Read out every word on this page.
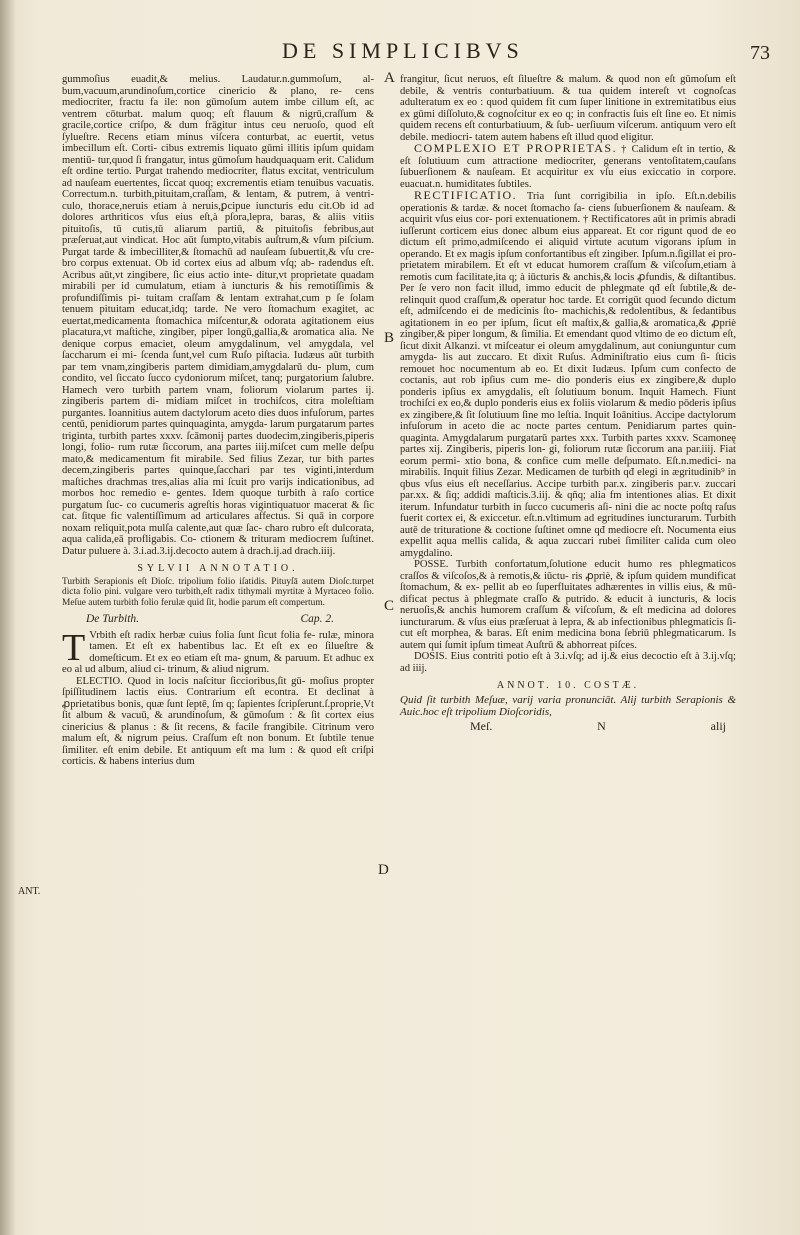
DE SIMPLICIBVS	73
A
B
C
D
ANT.

gummoſius euadit,& melius. Laudatur.n.gummoſum, al‑ bum,vacuum,arundinoſum,cortice cinericio & plano, re‑ cens mediocriter, fractu fa ile: non gūmoſum autem imbe cillum eſt, ac ventrem cōturbat. malum quoq; eſt flauum & nigrū,craſſum & gracile,cortice criſpo, & dum frāgitur intus ceu neruoſo, quod eſt ſylueſtre. Recens etiam minus viſcera conturbat, ac euertit, vetus imbecillum eſt. Corti‑ cibus extremis liquato gūmi illitis ipſum quidam mentiū‑ tur,quod ſi frangatur, intus gūmoſum haudquaquam erit. Calidum eſt ordine tertio. Purgat trahendo mediocriter, flatus excitat, ventriculum ad nauſeam euertentes, ſiccat quoq; excrementis etiam tenuibus vacuatis. Correctum.n. turbith,pituitam,craſſam, & lentam, & putrem, à ventri‑ culo, thorace,neruis etiam à neruis,ꝑcipue iuncturis edu cit.Ob id ad dolores arthriticos vſus eius eſt,à pſora,lepra, baras, & aliis vitiis pituitoſis, tū cutis,tū aliarum partiū, & pituitoſis febribus,aut præſeruat,aut vindicat. Hoc aūt ſumpto,vitabis auſtrum,& vſum piſcium. Purgat tarde & imbecilliter,& ſtomachū ad nauſeam ſubuertit,& vſu cre‑ bro corpus extenuat. Ob id cortex eius ad album vſq; ab‑ radendus eſt. Acribus aūt,vt zingibere, ſic eius actio inte‑ ditur,vt proprietate quadam mirabili per id cumulatum, etiam à iuncturis & his remotiſſimis & profundiſſimis pi‑ tuitam craſſam & lentam extrahat,cum p ſe ſolam tenuem pituitam educat,idq; tarde. Ne vero ſtomachum exagitet, ac euertat,medicamenta ſtomachica miſcentur,& odorata agitationem eius placatura,vt maſtiche, zingiber, piper longū,gallia,& aromatica alia. Ne denique corpus emaciet, oleum amygdalinum, vel amygdala, vel ſaccharum ei mi‑ ſcenda ſunt,vel cum Ruſo piſtacia. Iudæus aūt turbith par tem vnam,zingiberis partem dimidiam,amygdalarū du‑ plum, cum condito, vel ſiccato ſucco cydoniorum miſcet, tanq; purgatorium ſalubre. Hamech vero turbith partem vnam, foliorum violarum partes ij. zingiberis partem di‑ midiam miſcet in trochiſcos, citra moleſtiam purgantes. Ioannitius autem dactylorum aceto dies duos infuſorum, partes centū, penidiorum partes quinquaginta, amygda‑ larum purgatarum partes triginta, turbith partes xxxv. ſcāmonij partes duodecim,zingiberis,piperis longi, folio‑ rum rutæ ſiccorum, ana partes iiij.miſcet cum melle deſpu mato,& medicamentum fit mirabile. Sed filius Zezar, tur bith partes decem,zingiberis partes quinque,ſacchari par tes viginti,interdum maſtiches drachmas tres,alias alia mi ſcuit pro varijs indicationibus, ad morbos hoc remedio e‑ gentes. Idem quoque turbith à raſo cortice purgatum ſuc‑ co cucumeris agreſtis horas vigintiquatuor macerat & ſic cat. ſitque fic valentiſſimum ad articulares affectus. Si quā in corpore noxam reliquit,pota mulſa calente,aut quæ ſac‑ charo rubro eſt dulcorata, aqua calida,eā profligabis. Co‑ ctionem & trituram mediocrem ſuſtinet. Datur puluere à. 3.i.ad.3.ij.decocto autem à drach.ij.ad drach.iiij.

SYLVII ANNOTATIO.

Turbith Serapionis eſt Dioſc. tripolium folio iſatidis. Pituyſā autem Dioſc.turpet dicta folio pini. vulgare vero turbith,eſt radix tithymali myrtitæ à Myrtaceo folio. Meſue autem turbith folio ferulæ quid ſit, hodie parum eſt compertum.

De Turbith.	Cap. 2.

T Vrbith eſt radix herbæ cuius folia ſunt ſicut folia fe‑ rulæ, minora tamen. Et eſt ex habentibus lac. Et eſt ex eo ſilueſtre & domeſticum. Et ex eo etiam eſt ma‑ gnum, & paruum. Et adhuc ex eo al ud album, aliud ci‑ trinum, & aliud nigrum.

ELECTIO. Quod in locis naſcitur ſiccioribus,ſit gū‑ moſius propter ſpiſſitudinem lactis eius. Contrarium eſt econtra. Et declinat à ꝓprietatibus bonis, quæ ſunt ſeptē, ſm q; ſapientes ſcripſerunt.ſ.proprie,Vt ſit album & vacuū, & arundinoſum, & gūmoſum : & ſit cortex eius cinericius & planus : & ſit recens, & facile frangibile. Citrinum vero malum eſt, & nigrum peius. Craſſum eſt non bonum. Et ſubtile tenue ſimiliter. eſt enim debile. Et antiquum eſt ma lum : & quod eſt criſpi corticis. & habens interius dum

frangitur, ſicut neruos, eſt ſilueſtre & malum. & quod non eſt gūmoſum eſt debile, & ventris conturbatiuum. & tua quidem intereſt vt cognoſcas adulteratum ex eo : quod quidem fit cum ſuper linitione in extremitatibus eius ex gūmi diſſoluto,& cognoſcitur ex eo q; in confractis ſuis eſt ſine eo. Et nimis quidem recens eſt conturbatiuum, & ſub‑ uerſiuum viſcerum. antiquum vero eſt debile. mediocri‑ tatem autem habens eſt illud quod eligitur.

COMPLEXIO ET PROPRIETAS. † Calidum eſt in tertio, & eſt ſolutiuum cum attractione mediocriter, generans ventoſitatem,cauſans ſubuerſionem & nauſeam. Et acquiritur ex vſu eius exiccatio in corpore. euacuat.n. humiditates ſubtiles.

RECTIFICATIO. Tria ſunt corrigibilia in ipſo. Eſt.n.debilis operationis & tardæ. & nocet ſtomacho ſa‑ ciens ſubuerſionem & nauſeam. & acquirit vſus eius cor‑ pori extenuationem. † Rectificatores aūt in primis abradi iuſſerunt corticem eius donec album eius appareat. Et cor rigunt quod de eo dictum eſt primo,admiſcendo ei aliquid virtute acutum vigorans ipſum in operando. Et ex magis ipſum confortantibus eſt zingiber. Ipſum.n.ſigillat ei pro‑ prietatem mirabilem. Et eſt vt educat humorem craſſum & viſcoſum,etiam à remotis cum facilitate,ita q; à iūcturis & anchis,& locis ꝓfundis, & diſtantibus. Per ſe vero non facit illud, immo educit de phlegmate qđ eſt ſubtile,& de‑ relinquit quod craſſum,& operatur hoc tarde. Et corrigūt quod ſecundo dictum eſt, admiſcendo ei de medicinis ſto‑ machichis,& redolentibus, & ſedantibus agitationem in eo per ipſum, ſicut eſt maſtix,& gallia,& aromatica,& ꝓpriè zingiber,& piper longum, & ſimilia. Et emendant quod vltimo de eo dictum eſt, ſicut dixit Alkanzi. vt miſceatur ei oleum amygdalinum, aut coniunguntur cum amygda‑ lis aut zuccaro. Et dixit Ruſus. Adminiſtratio eius cum ſi‑ ſticis remouet hoc nocumentum ab eo. Et dixit Iudæus. Ipſum cum confecto de coctanis, aut rob ipſius cum me‑ dio ponderis eius ex zingibere,& duplo ponderis ipſius ex amygdalis, eſt ſolutiuum bonum. Inquit Hamech. Fiunt trochiſci ex eo,& duplo ponderis eius ex foliis violarum & medio pōderis ipſius ex zingibere,& ſit ſolutiuum ſine mo leſtia. Inquit Ioānitius. Accipe dactylorum infuſorum in aceto die ac nocte partes centum. Penidiarum partes quin‑ quaginta. Amygdalarum purgatarū partes xxx. Turbith partes xxxv. Scamoneę partes xij. Zingiberis, piperis lon‑ gi, foliorum rutæ ſiccorum ana par.iiij. Fiat eorum permi‑ xtio bona, & confice cum melle deſpumato. Eſt.n.medici‑ na mirabilis. Inquit filius Zezar. Medicamen de turbith qđ elegi in ægritudinib⁹ in qbus vſus eius eſt neceſſarius. Accipe turbith par.x. zingiberis par.v. zuccari par.xx. & ſiq; addidi maſticis.3.iij. & qñq; alia fm intentiones alias. Et dixit iterum. Infundatur turbith in ſucco cucumeris aſi‑ nini die ac nocte poſtq raſus fuerit cortex ei, & exiccetur. eſt.n.vltimum ad egritudines iuncturarum. Turbith autē de trituratione & coctione ſuſtinet omne qđ mediocre eſt. Nocumenta eius expellit aqua mellis calida, & aqua zuccari rubei ſimiliter calida cum oleo amygdalino.

POSSE. Turbith confortatum,ſolutione educit humo res phlegmaticos craſſos & viſcoſos,& à remotis,& iūctu‑ ris ꝓpriè, & ipſum quidem mundificat ſtomachum, & ex‑ pellit ab eo ſuperfluitates adhærentes in villis eius, & mū‑ dificat pectus à phlegmate craſſo & putrido. & educit à iuncturis, & locis neruoſis,& anchis humorem craſſum & viſcoſum, & eſt medicina ad dolores iuncturarum. & vſus eius præſeruat à lepra, & ab infectionibus phlegmaticis ſi‑ cut eſt morphea, & baras. Eſt enim medicina bona ſebriū phlegmaticarum. Is autem qui ſumit ipſum timeat Auſtrū & abhorreat piſces.

DOSIS. Eius contriti potio eſt à 3.i.vſq; ad ij.& eius decoctio eſt à 3.ij.vſq; ad iiij.

ANNOT. 10. COSTÆ.

Quid ſit turbith Meſuæ, varij varia pronunciāt. Alij turbith Serapionis & Auic.hoc eſt tripolium Dioſcoridis,

Meſ.	N	alij
